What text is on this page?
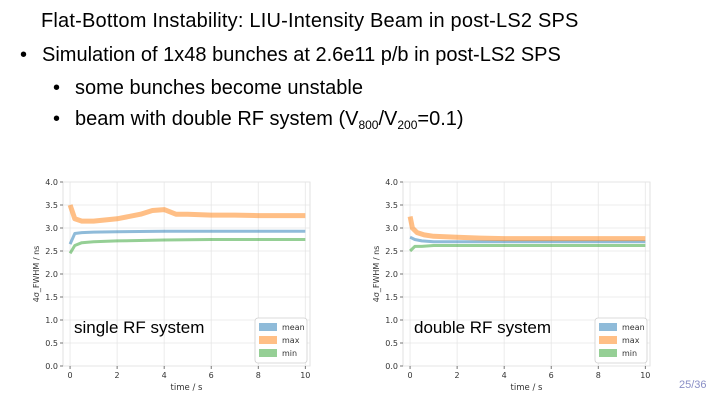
Flat-Bottom Instability: LIU-Intensity Beam in post-LS2 SPS
• Simulation of 1x48 bunches at 2.6e11 p/b in post-LS2 SPS
• some bunches become unstable
• beam with double RF system $(V_{800}/V_{200}=0.1)$
0.0
0.5
1.0
1.5
2.0
2.5
3.0
3.5
4.0
0	2	4	6	8	10
time / s
4σ_FWHM / ns
single RF system	mean
max
min
0.0
0.5
1.0
1.5
2.0
2.5
3.0
3.5
4.0
0	2	4	6	8	10
time / s
4σ_FWHM / ns
double RF system	mean
max
min
25/36
